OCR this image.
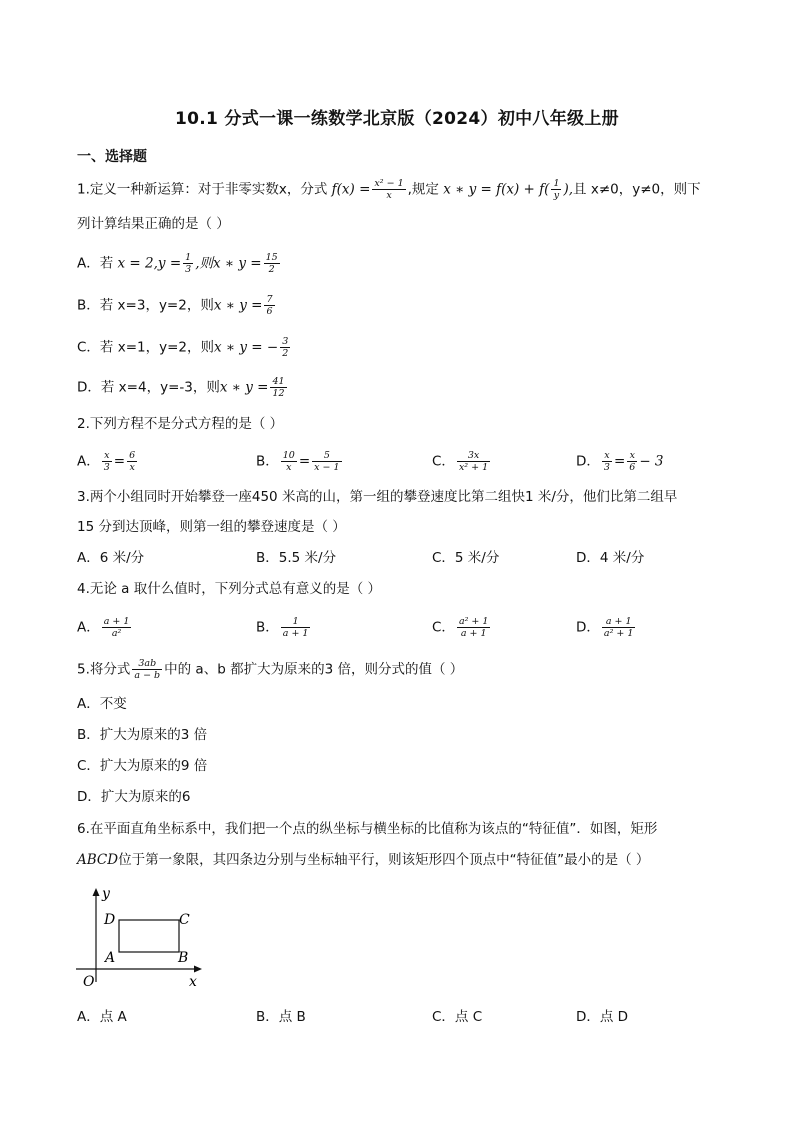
10.1 分式一课一练数学北京版（2024）初中八年级上册
一、选择题
1.定义一种新运算：对于非零实数x，分式 $f(x) = \frac{\text{x² − 1}}{x}$ ,规定 x ∗ $y = f(x) + f( \frac{1}{y}$ ),且 x≠0，y≠0，则下
列计算结果正确的是（ ）
A．若 $x = 2,y = \frac{1}{3}$ ,则x ∗ $y = \frac{15}{2}$
B．若 x=3，y=2，则x ∗ $y = \frac{7}{6}$
C．若 x=1，y=2，则x ∗ y = − $\frac{3}{2}$
D．若 x=4，y=-3，则x ∗ $y = \frac{41}{12}$
2.下列方程不是分式方程的是（ ）
A． $\frac{x}{3} = \frac{6}{x}$	B． $\frac{10}{x} = \frac{5}{x - 1}$	C． $\frac{3x}{\text{x² + 1}}$	D． $\frac{x}{3} = \frac{x}{6} - 3$
3.两个小组同时开始攀登一座450 米高的山，第一组的攀登速度比第二组快1 米/分，他们比第二组早
15 分到达顶峰，则第一组的攀登速度是（ ）
A．6 米/分	B．5.5 米/分	C．5 米/分	D．4 米/分
4.无论 a 取什么值时，下列分式总有意义的是（ ）
A． $\frac{a + 1}{\text{a²}}$	B． $\frac{1}{a + 1}$	C． $\frac{\text{a² + 1}}{a + 1}$	D． $\frac{a + 1}{\text{a² + 1}}$
5.将分式 $\frac{3ab}{a - b}$ 中的 a、b 都扩大为原来的3 倍，则分式的值（ ）
A．不变
B．扩大为原来的3 倍
C．扩大为原来的9 倍
D．扩大为原来的6
6.在平面直角坐标系中，我们把一个点的纵坐标与横坐标的比值称为该点的“特征值”．如图，矩形
ABCD位于第一象限，其四条边分别与坐标轴平行，则该矩形四个顶点中“特征值”最小的是（ ）
y
x
O
A	B
C
D
A．点 A	B．点 B	C．点 C	D．点 D
